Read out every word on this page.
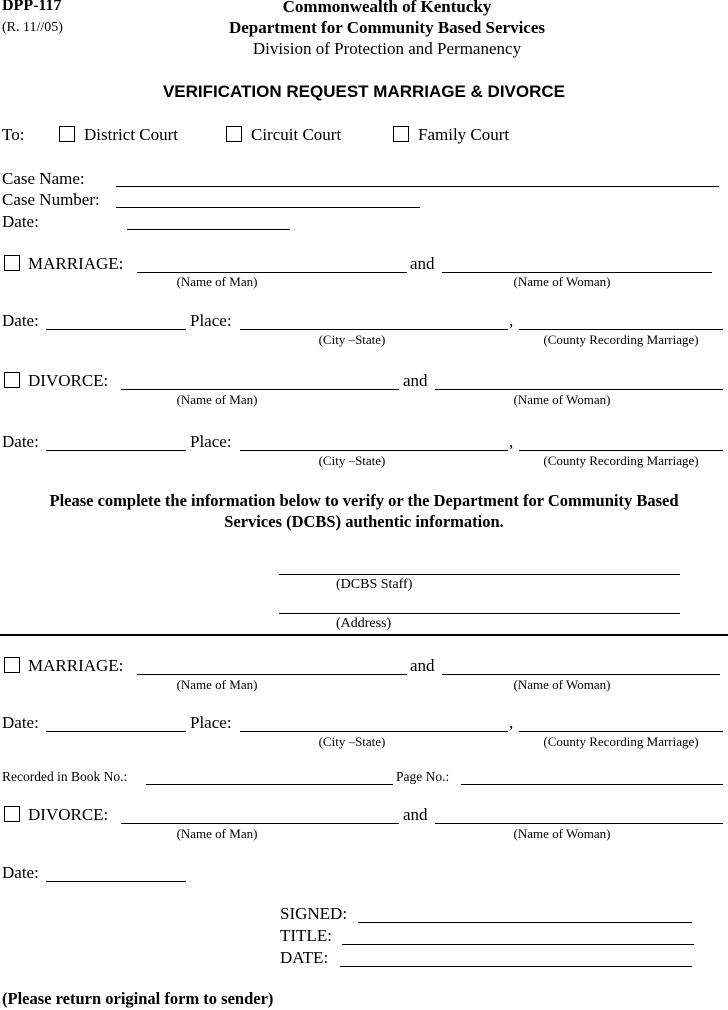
DPP-117
(R. 11//05)
Commonwealth of Kentucky
Department for Community Based Services
Division of Protection and Permanency
VERIFICATION REQUEST MARRIAGE & DIVORCE
To:	District Court	Circuit Court	Family Court
Case Name:
Case Number:
Date:
MARRIAGE:	and
(Name of Man)	(Name of Woman)
Date:	Place:	,
(City –State)	(County Recording Marriage)
DIVORCE:	and
(Name of Man)	(Name of Woman)
Date:	Place:	,
(City –State)	(County Recording Marriage)
Please complete the information below to verify or the Department for Community Based
Services (DCBS) authentic information.
(DCBS Staff)
(Address)
MARRIAGE:	and
(Name of Man)	(Name of Woman)
Date:	Place:	,
(City –State)	(County Recording Marriage)
Recorded in Book No.:	Page No.:
DIVORCE:	and
(Name of Man)	(Name of Woman)
Date:
SIGNED:
TITLE:
DATE:
(Please return original form to sender)
